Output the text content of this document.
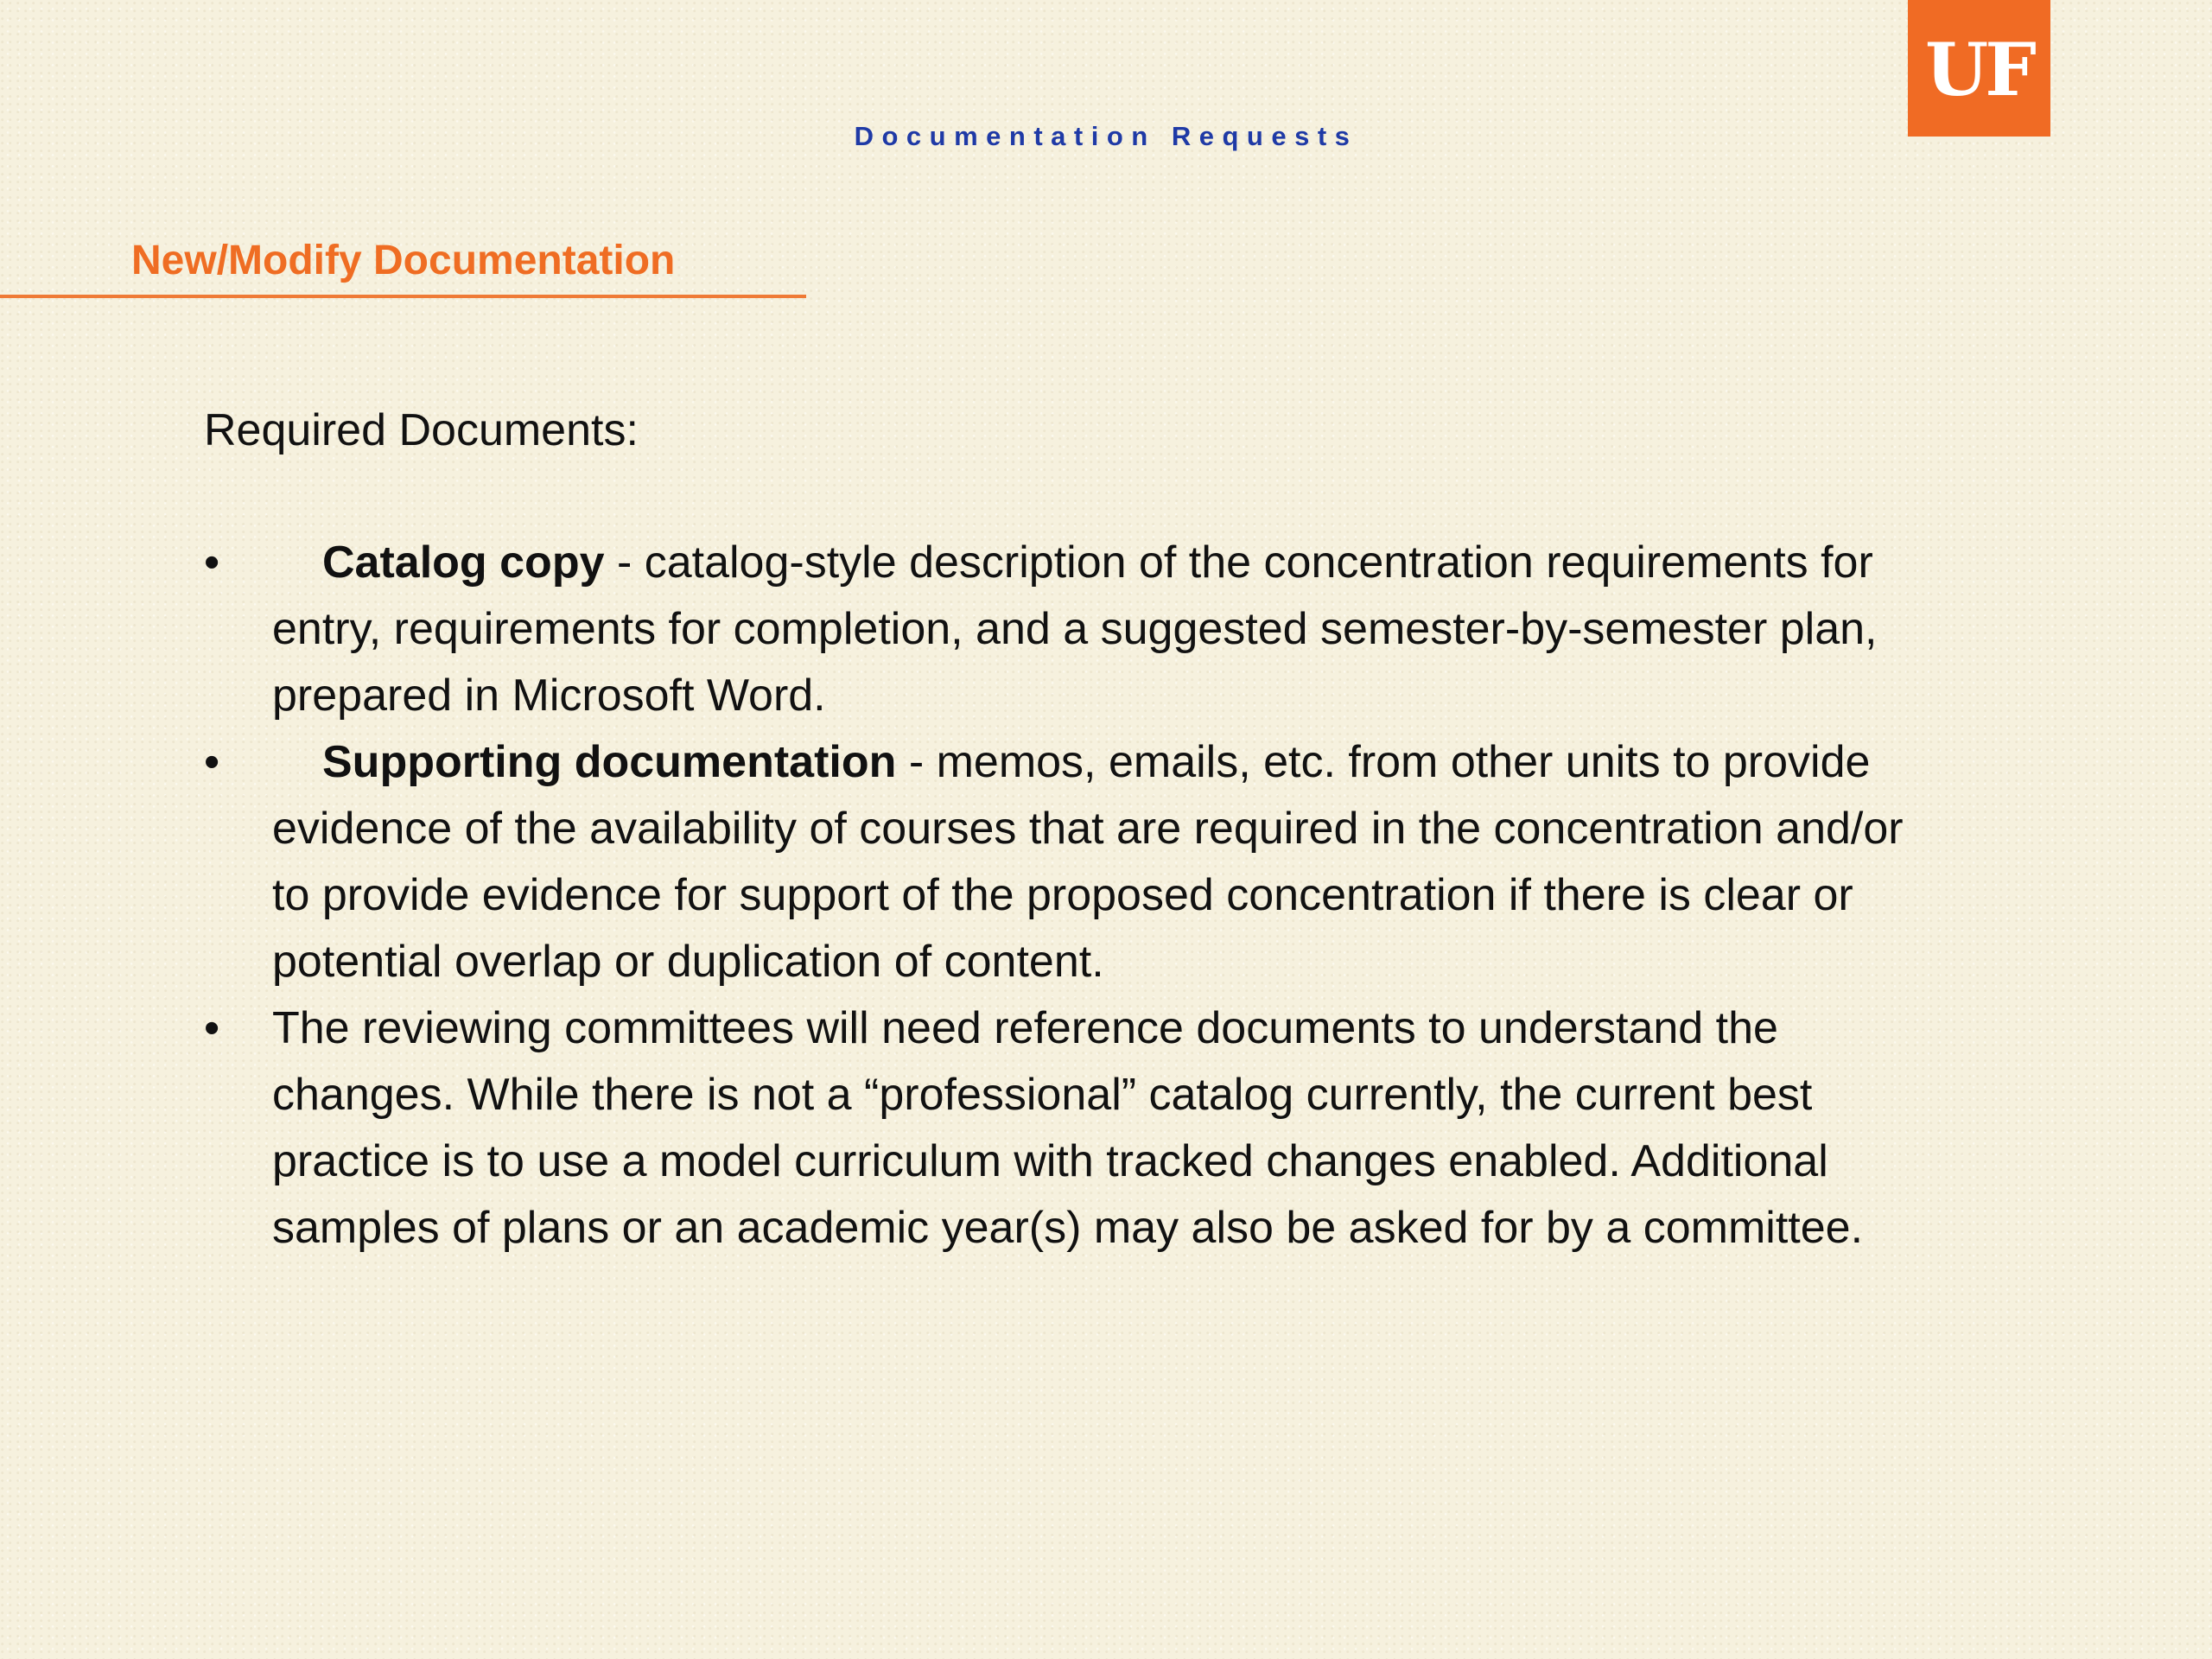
UF
Documentation Requests
New/Modify Documentation

Required Documents:

•	Catalog copy - catalog-style description of the concentration requirements for entry, requirements for completion, and a suggested semester-by-semester plan, prepared in Microsoft Word.
•	Supporting documentation - memos, emails, etc. from other units to provide evidence of the availability of courses that are required in the concentration and/or to provide evidence for support of the proposed concentration if there is clear or potential overlap or duplication of content.
•	The reviewing committees will need reference documents to understand the changes. While there is not a “professional” catalog currently, the current best practice is to use a model curriculum with tracked changes enabled. Additional samples of plans or an academic year(s) may also be asked for by a committee.
